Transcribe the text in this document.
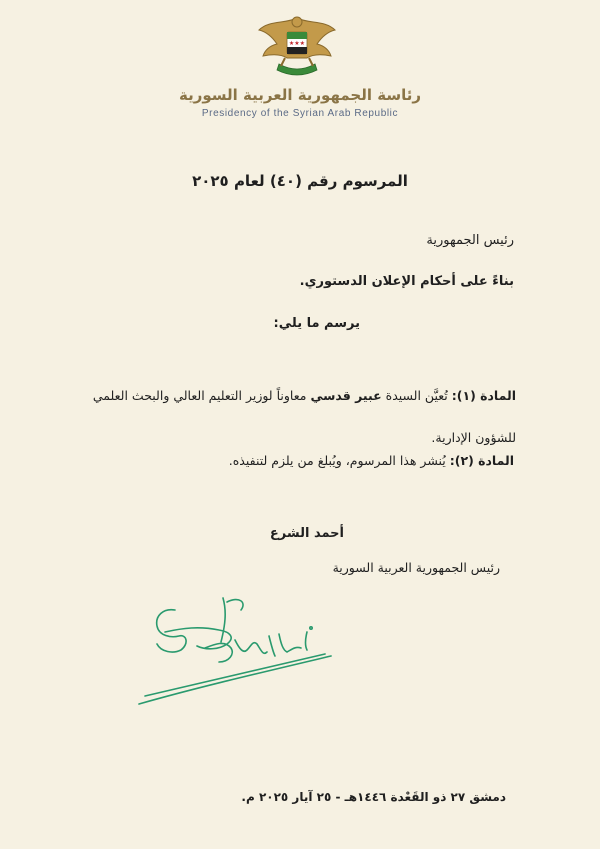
★★★
رئاسة الجمهورية العربية السورية
Presidency of the Syrian Arab Republic
المرسوم رقم (٤٠) لعام ٢٠٢٥
رئيس الجمهورية
بناءً على أحكام الإعلان الدستوري.
يرسم ما يلي:
المادة (١): تُعيَّن السيدة عبير قدسي معاوناً لوزير التعليم العالي والبحث العلمي للشؤون الإدارية.
المادة (٢): يُنشر هذا المرسوم، ويُبلغ من يلزم لتنفيذه.
أحمد الشرع
رئيس الجمهورية العربية السورية
دمشق ٢٧ ذو القَعْدة ١٤٤٦هـ - ٢٥ آيار ٢٠٢٥ م.
